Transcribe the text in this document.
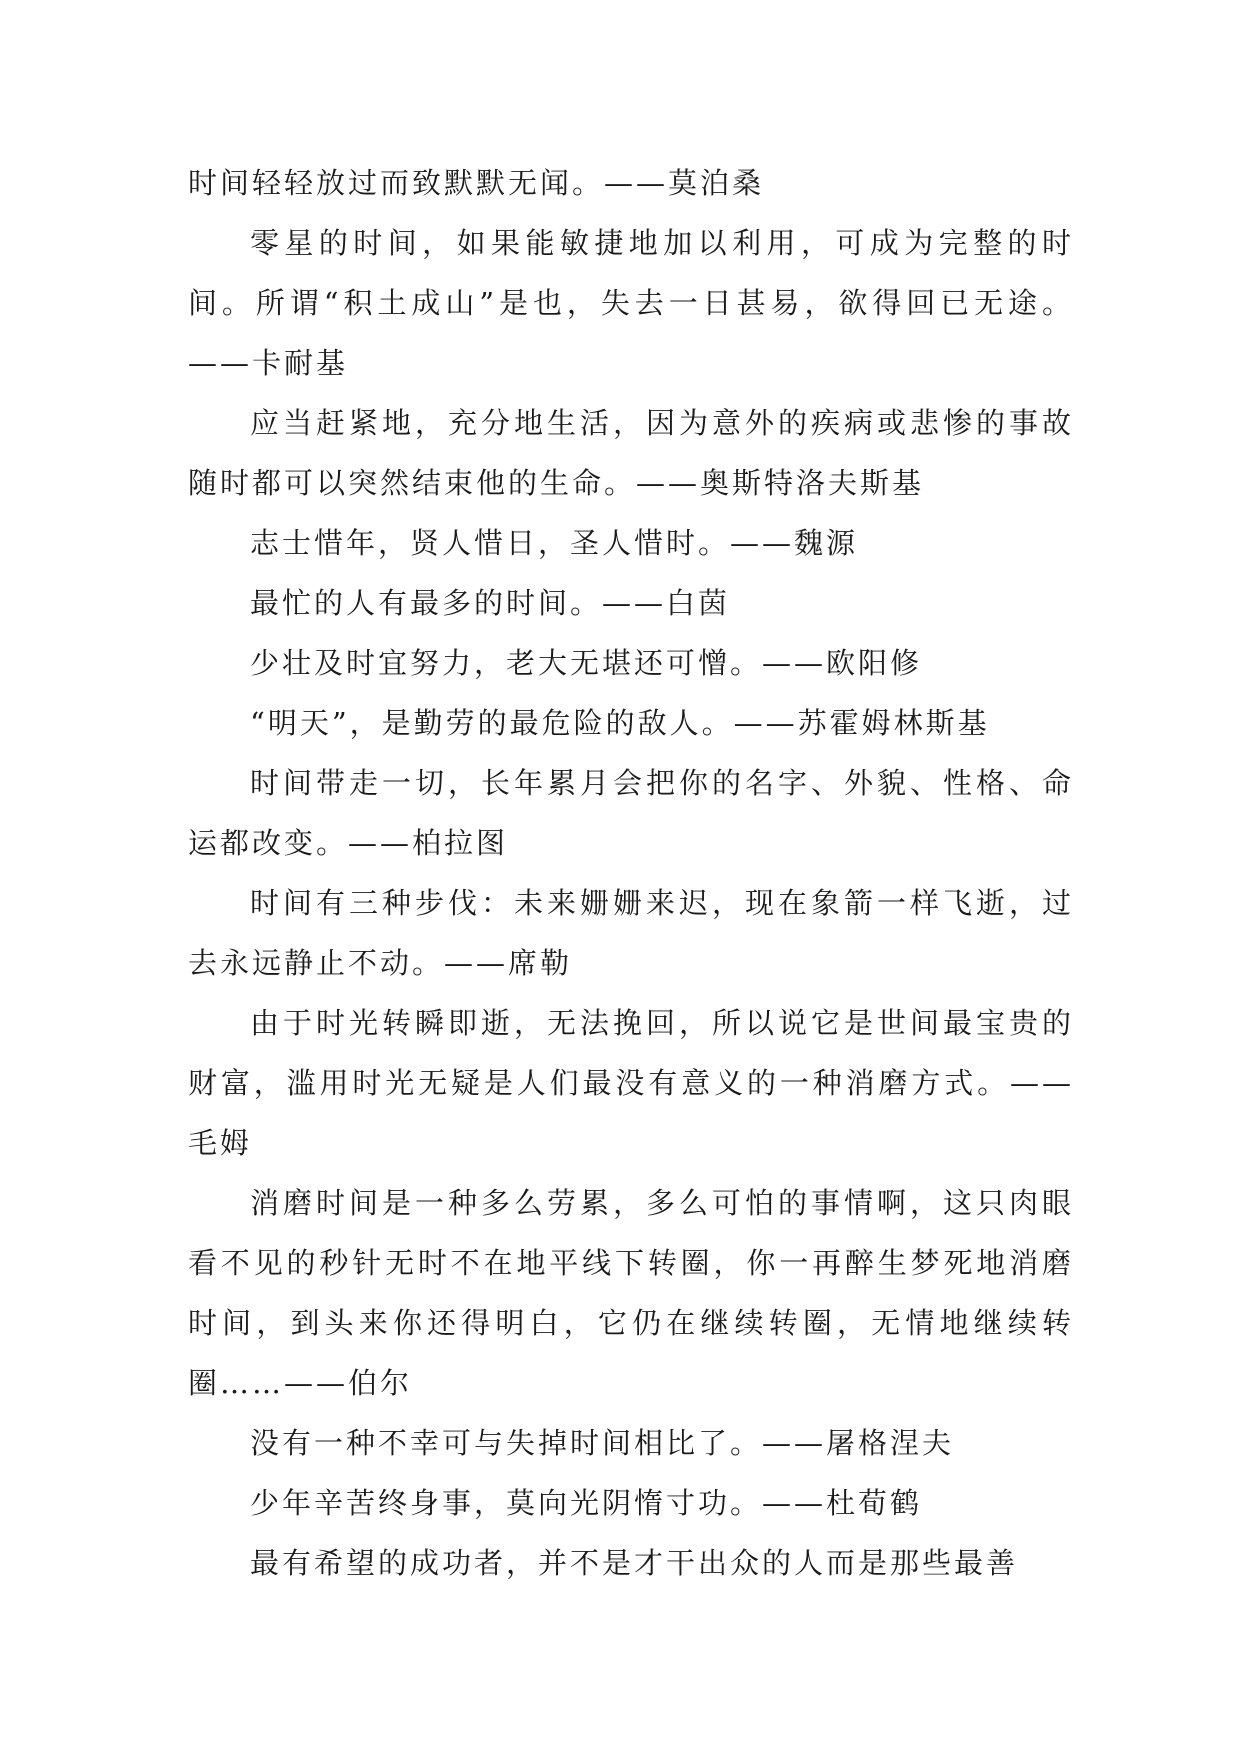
时间轻轻放过而致默默无闻。——莫泊桑

零星的时间，如果能敏捷地加以利用，可成为完整的时间。所谓“积土成山”是也，失去一日甚易，欲得回已无途。——卡耐基

应当赶紧地，充分地生活，因为意外的疾病或悲惨的事故随时都可以突然结束他的生命。——奥斯特洛夫斯基

志士惜年，贤人惜日，圣人惜时。——魏源

最忙的人有最多的时间。——白茵

少壮及时宜努力，老大无堪还可憎。——欧阳修

“明天”，是勤劳的最危险的敌人。——苏霍姆林斯基

时间带走一切，长年累月会把你的名字、外貌、性格、命运都改变。——柏拉图

时间有三种步伐：未来姗姗来迟，现在象箭一样飞逝，过去永远静止不动。——席勒

由于时光转瞬即逝，无法挽回，所以说它是世间最宝贵的财富，滥用时光无疑是人们最没有意义的一种消磨方式。——毛姆

消磨时间是一种多么劳累，多么可怕的事情啊，这只肉眼看不见的秒针无时不在地平线下转圈，你一再醉生梦死地消磨时间，到头来你还得明白，它仍在继续转圈，无情地继续转圈……——伯尔

没有一种不幸可与失掉时间相比了。——屠格涅夫

少年辛苦终身事，莫向光阴惰寸功。——杜荀鹤

最有希望的成功者，并不是才干出众的人而是那些最善
